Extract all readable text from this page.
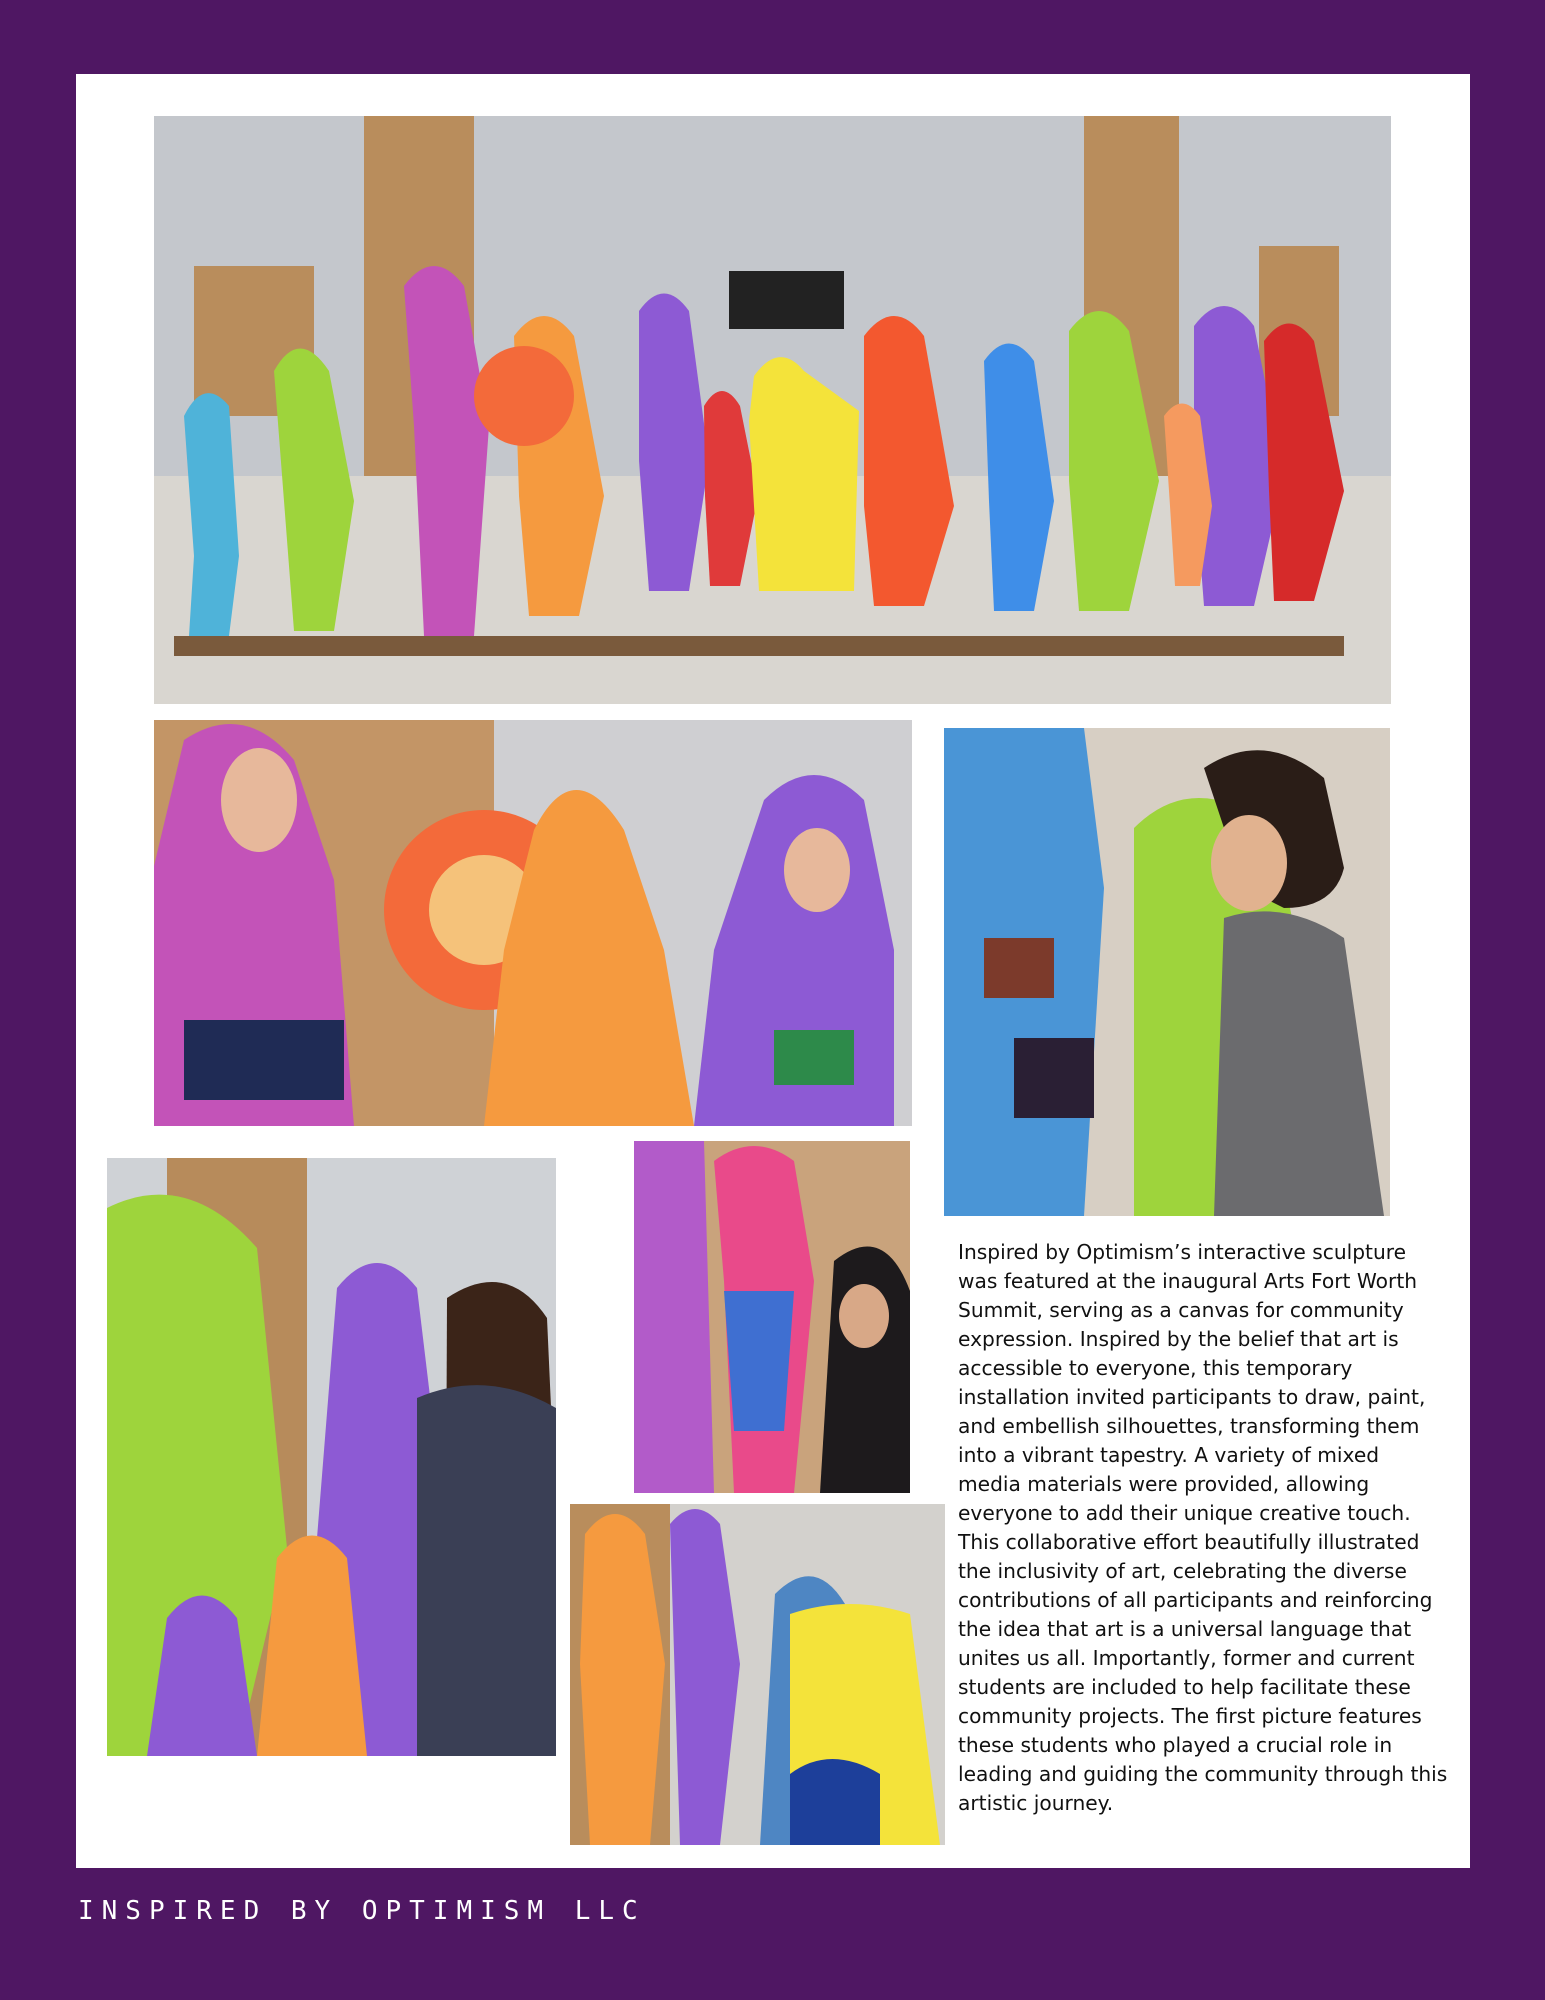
Inspired by Optimism’s interactive sculpture was featured at the inaugural Arts Fort Worth Summit, serving as a canvas for community expression. Inspired by the belief that art is accessible to everyone, this temporary installation invited participants to draw, paint, and embellish silhouettes, transforming them into a vibrant tapestry. A variety of mixed media materials were provided, allowing everyone to add their unique creative touch. This collaborative effort beautifully illustrated the inclusivity of art, celebrating the diverse contributions of all participants and reinforcing the idea that art is a universal language that unites us all. Importantly, former and current students are included to help facilitate these community projects. The first picture features these students who played a crucial role in leading and guiding the community through this artistic journey.

INSPIRED BY OPTIMISM LLC
